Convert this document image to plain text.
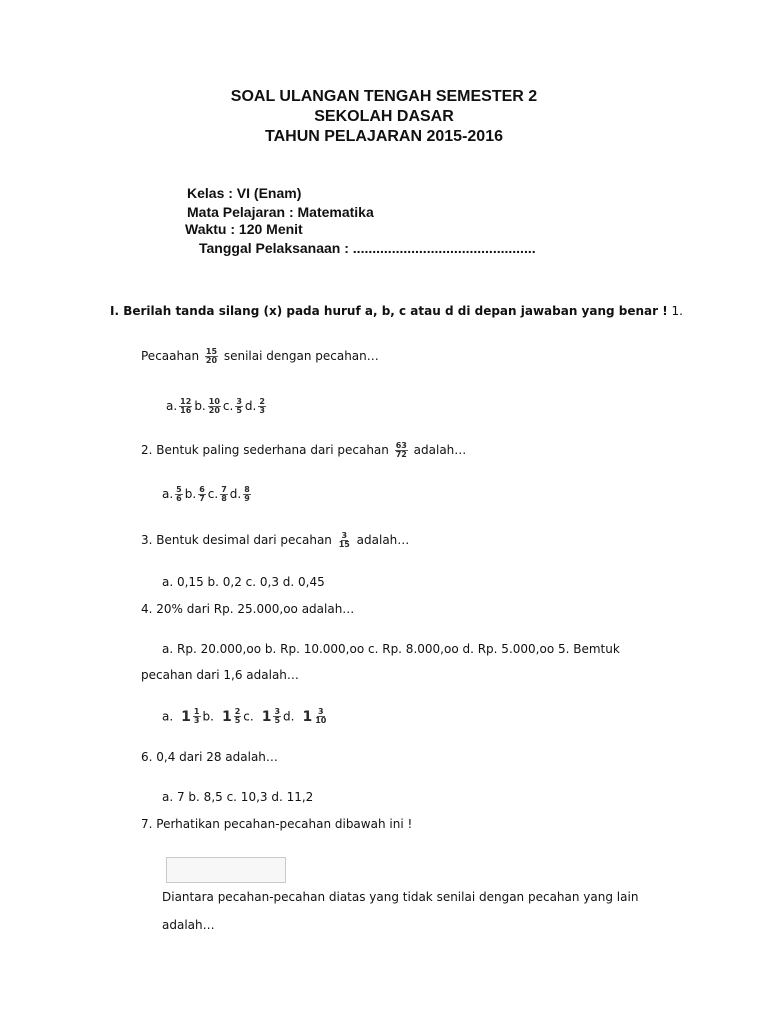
SOAL ULANGAN TENGAH SEMESTER 2
SEKOLAH DASAR
TAHUN PELAJARAN 2015-2016
Kelas : VI (Enam)
Mata Pelajaran : Matematika
Waktu : 120 Menit
Tanggal Pelaksanaan : ...............................................
I. Berilah tanda silang (x) pada huruf a, b, c atau d di depan jawaban yang benar ! 1.
Pecaahan $\frac{15}{20}$ senilai dengan pecahan…
a. $\frac{12}{16} b$. $\frac{10}{20} c$. $\frac{3}{5} d$. $\frac{2}{3}$
2. Bentuk paling sederhana dari pecahan $\frac{63}{72}$ adalah…
a. $\frac{5}{6} b$. $\frac{6}{7} c$. $\frac{7}{8} d$. $\frac{8}{9}$
3. Bentuk desimal dari pecahan $\frac{3}{15}$ adalah…
a. 0,15 b. 0,2 c. 0,3 d. 0,45
4. 20% dari Rp. 25.000,oo adalah…
a. Rp. 20.000,oo b. Rp. 10.000,oo c. Rp. 8.000,oo d. Rp. 5.000,oo 5. Bemtuk
pecahan dari 1,6 adalah…
a. $1 \frac{1}{3} b$. $1 \frac{2}{5} c$. $1 \frac{3}{5} d$. $1 \frac{3}{10}$
6. 0,4 dari 28 adalah…
a. 7 b. 8,5 c. 10,3 d. 11,2
7. Perhatikan pecahan-pecahan dibawah ini !
Diantara pecahan-pecahan diatas yang tidak senilai dengan pecahan yang lain
adalah…
